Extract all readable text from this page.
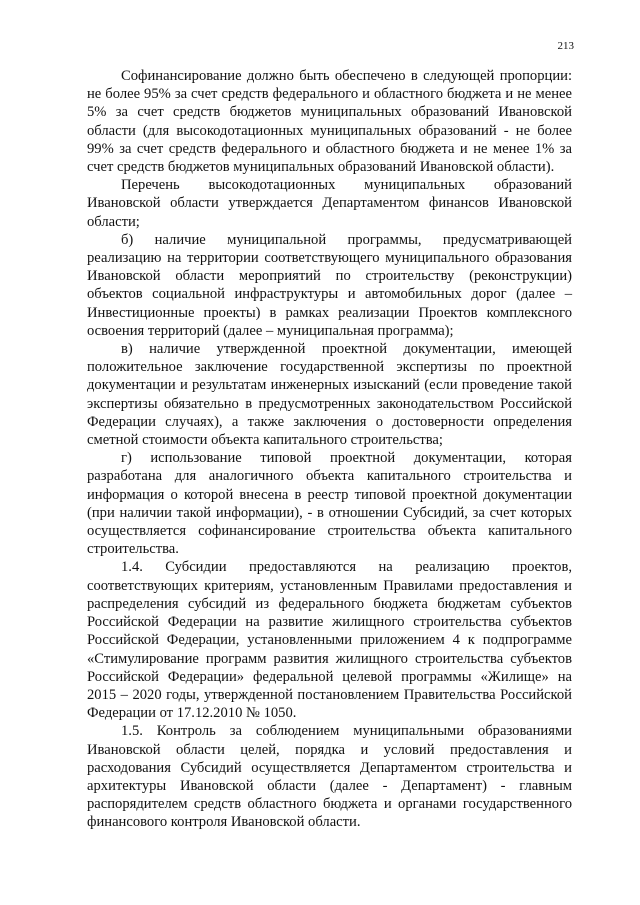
213

Софинансирование должно быть обеспечено в следующей пропорции: не более 95% за счет средств федерального и областного бюджета и не менее 5% за счет средств бюджетов муниципальных образований Ивановской области (для высокодотационных муниципальных образований - не более 99% за счет средств федерального и областного бюджета и не менее 1% за счет средств бюджетов муниципальных образований Ивановской области).

Перечень высокодотационных муниципальных образований Ивановской области утверждается Департаментом финансов Ивановской области;

б) наличие муниципальной программы, предусматривающей реализацию на территории соответствующего муниципального образования Ивановской области мероприятий по строительству (реконструкции) объектов социальной инфраструктуры и автомобильных дорог (далее – Инвестиционные проекты) в рамках реализации Проектов комплексного освоения территорий (далее – муниципальная программа);

в) наличие утвержденной проектной документации, имеющей положительное заключение государственной экспертизы по проектной документации и результатам инженерных изысканий (если проведение такой экспертизы обязательно в предусмотренных законодательством Российской Федерации случаях), а также заключения о достоверности определения сметной стоимости объекта капитального строительства;

г) использование типовой проектной документации, которая разработана для аналогичного объекта капитального строительства и информация о которой внесена в реестр типовой проектной документации (при наличии такой информации), - в отношении Субсидий, за счет которых осуществляется софинансирование строительства объекта капитального строительства.

1.4. Субсидии предоставляются на реализацию проектов, соответствующих критериям, установленным Правилами предоставления и распределения субсидий из федерального бюджета бюджетам субъектов Российской Федерации на развитие жилищного строительства субъектов Российской Федерации, установленными приложением 4 к подпрограмме «Стимулирование программ развития жилищного строительства субъектов Российской Федерации» федеральной целевой программы «Жилище» на 2015 – 2020 годы, утвержденной постановлением Правительства Российской Федерации от 17.12.2010 № 1050.

1.5. Контроль за соблюдением муниципальными образованиями Ивановской области целей, порядка и условий предоставления и расходования Субсидий осуществляется Департаментом строительства и архитектуры Ивановской области (далее - Департамент) - главным распорядителем средств областного бюджета и органами государственного финансового контроля Ивановской области.
